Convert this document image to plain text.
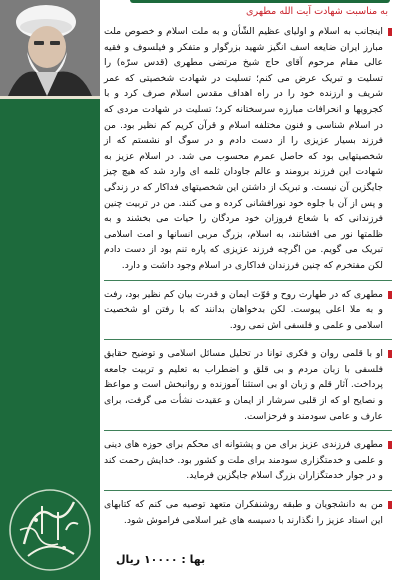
به مناسبت شهادت آیت الله مطهری

اینجانب به اسلام و اولیای عظیم الشّأن و به ملت اسلام و خصوص ملت مبارز ایران ضایعه اسف انگیز شهید بزرگوار و متفکر و فیلسوف و فقیه عالی مقام مرحوم آقای حاج شیخ مرتضی مطهری (قدس سرّه) را تسلیت و تبریک عرض می کنم؛ تسلیت در شهادت شخصیتی که عمر شریف و ارزنده خود را در راه اهداف مقدس اسلام صرف کرد و با کجرویها و انحرافات مبارزه سرسختانه کرد؛ تسلیت در شهادت مردی که در اسلام شناسی و فنون مختلفه اسلام و قرآن کریم کم نظیر بود. من فرزند بسیار عزیزی را از دست دادم و در سوگ او نشستم که از شخصیتهایی بود که حاصل عمرم محسوب می شد. در اسلام عزیز به شهادت این فرزند برومند و عالم جاودان ثلمه ای وارد شد که هیچ چیز جایگزین آن نیست. و تبریک از داشتن این شخصیتهای فداکار که در زندگی و پس از آن با جلوه خود نورافشانی کرده و می کنند. من در تربیت چنین فرزندانی که با شعاع فروزان خود مردگان را حیات می بخشند و به ظلمتها نور می افشانند، به اسلام، بزرگ مربی انسانها و امت اسلامی تبریک می گویم. من اگرچه فرزند عزیزی که پاره تنم بود از دست دادم لکن مفتخرم که چنین فرزندان فداکاری در اسلام وجود داشت و دارد.

مطهری که در طهارت روح و قوّت ایمان و قدرت بیان کم نظیر بود، رفت و به ملا اعلی پیوست. لکن بدخواهان بدانند که با رفتن او شخصیت اسلامی و علمی و فلسفی اش نمی رود.

او با قلمی روان و فکری توانا در تحلیل مسائل اسلامی و توضیح حقایق فلسفی با زبان مردم و بی قلق و اضطراب به تعلیم و تربیت جامعه پرداخت. آثار قلم و زبان او بی استثنا آموزنده و روانبخش است و مواعظ و نصایح او که از قلبی سرشار از ایمان و عقیدت نشأت می گرفت، برای عارف و عامی سودمند و فرحزاست.

مطهری فرزندی عزیز برای من و پشتوانه ای محکم برای حوزه های دینی و علمی و خدمتگزاری سودمند برای ملت و کشور بود. خدایش رحمت کند و در جوار خدمتگزاران بزرگ اسلام جایگزین فرماید.

من به دانشجویان و طبقه روشنفکران متعهد توصیه می کنم که کتابهای این استاد عزیز را نگذارند با دسیسه های غیر اسلامی فراموش شود.

بها : ۱۰۰۰۰ ریال
